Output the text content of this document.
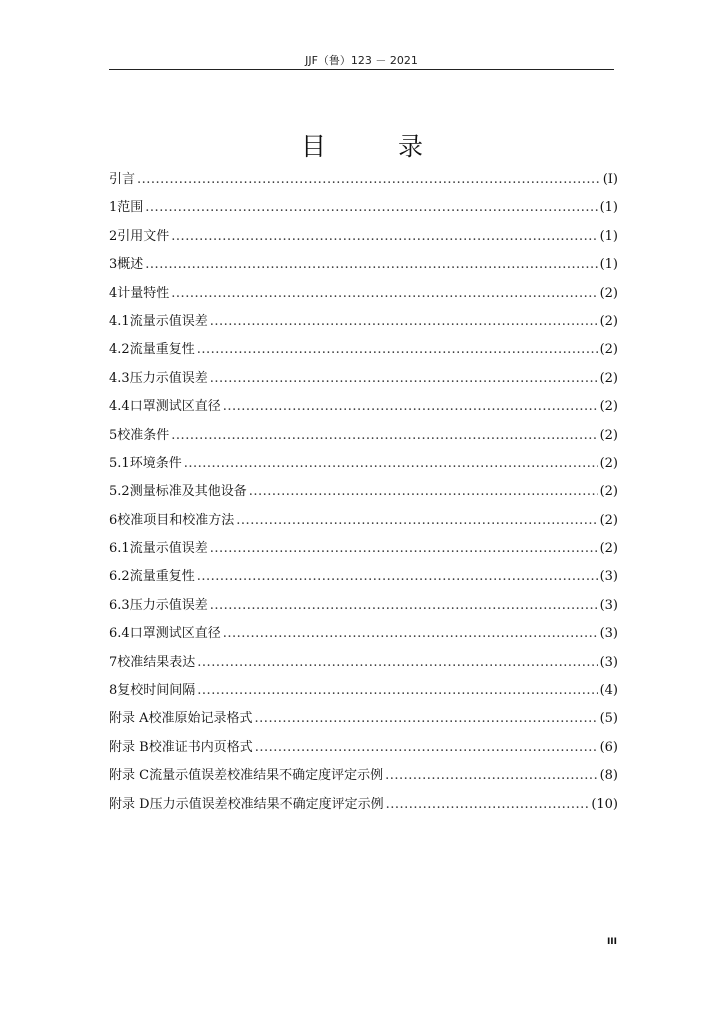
JJF（鲁）123 － 2021
目 录
引言 .....	(I)
1 范围 .....	(1)
2 引用文件 .....	(1)
3 概述 .....	(1)
4 计量特性 .....	(2)
4.1 流量示值误差 .....	(2)
4.2 流量重复性 .....	(2)
4.3 压力示值误差 .....	(2)
4.4 口罩测试区直径 .....	(2)
5 校准条件 .....	(2)
5.1 环境条件 .....	(2)
5.2 测量标准及其他设备 .....	(2)
6 校准项目和校准方法 .....	(2)
6.1 流量示值误差 .....	(2)
6.2 流量重复性 .....	(3)
6.3 压力示值误差 .....	(3)
6.4 口罩测试区直径 .....	(3)
7 校准结果表达 .....	(3)
8 复校时间间隔 .....	(4)
附录 A 校准原始记录格式 .....	(5)
附录 B 校准证书内页格式 .....	(6)
附录 C 流量示值误差校准结果不确定度评定示例 .....	(8)
附录 D 压力示值误差校准结果不确定度评定示例 .....	(10)
III
